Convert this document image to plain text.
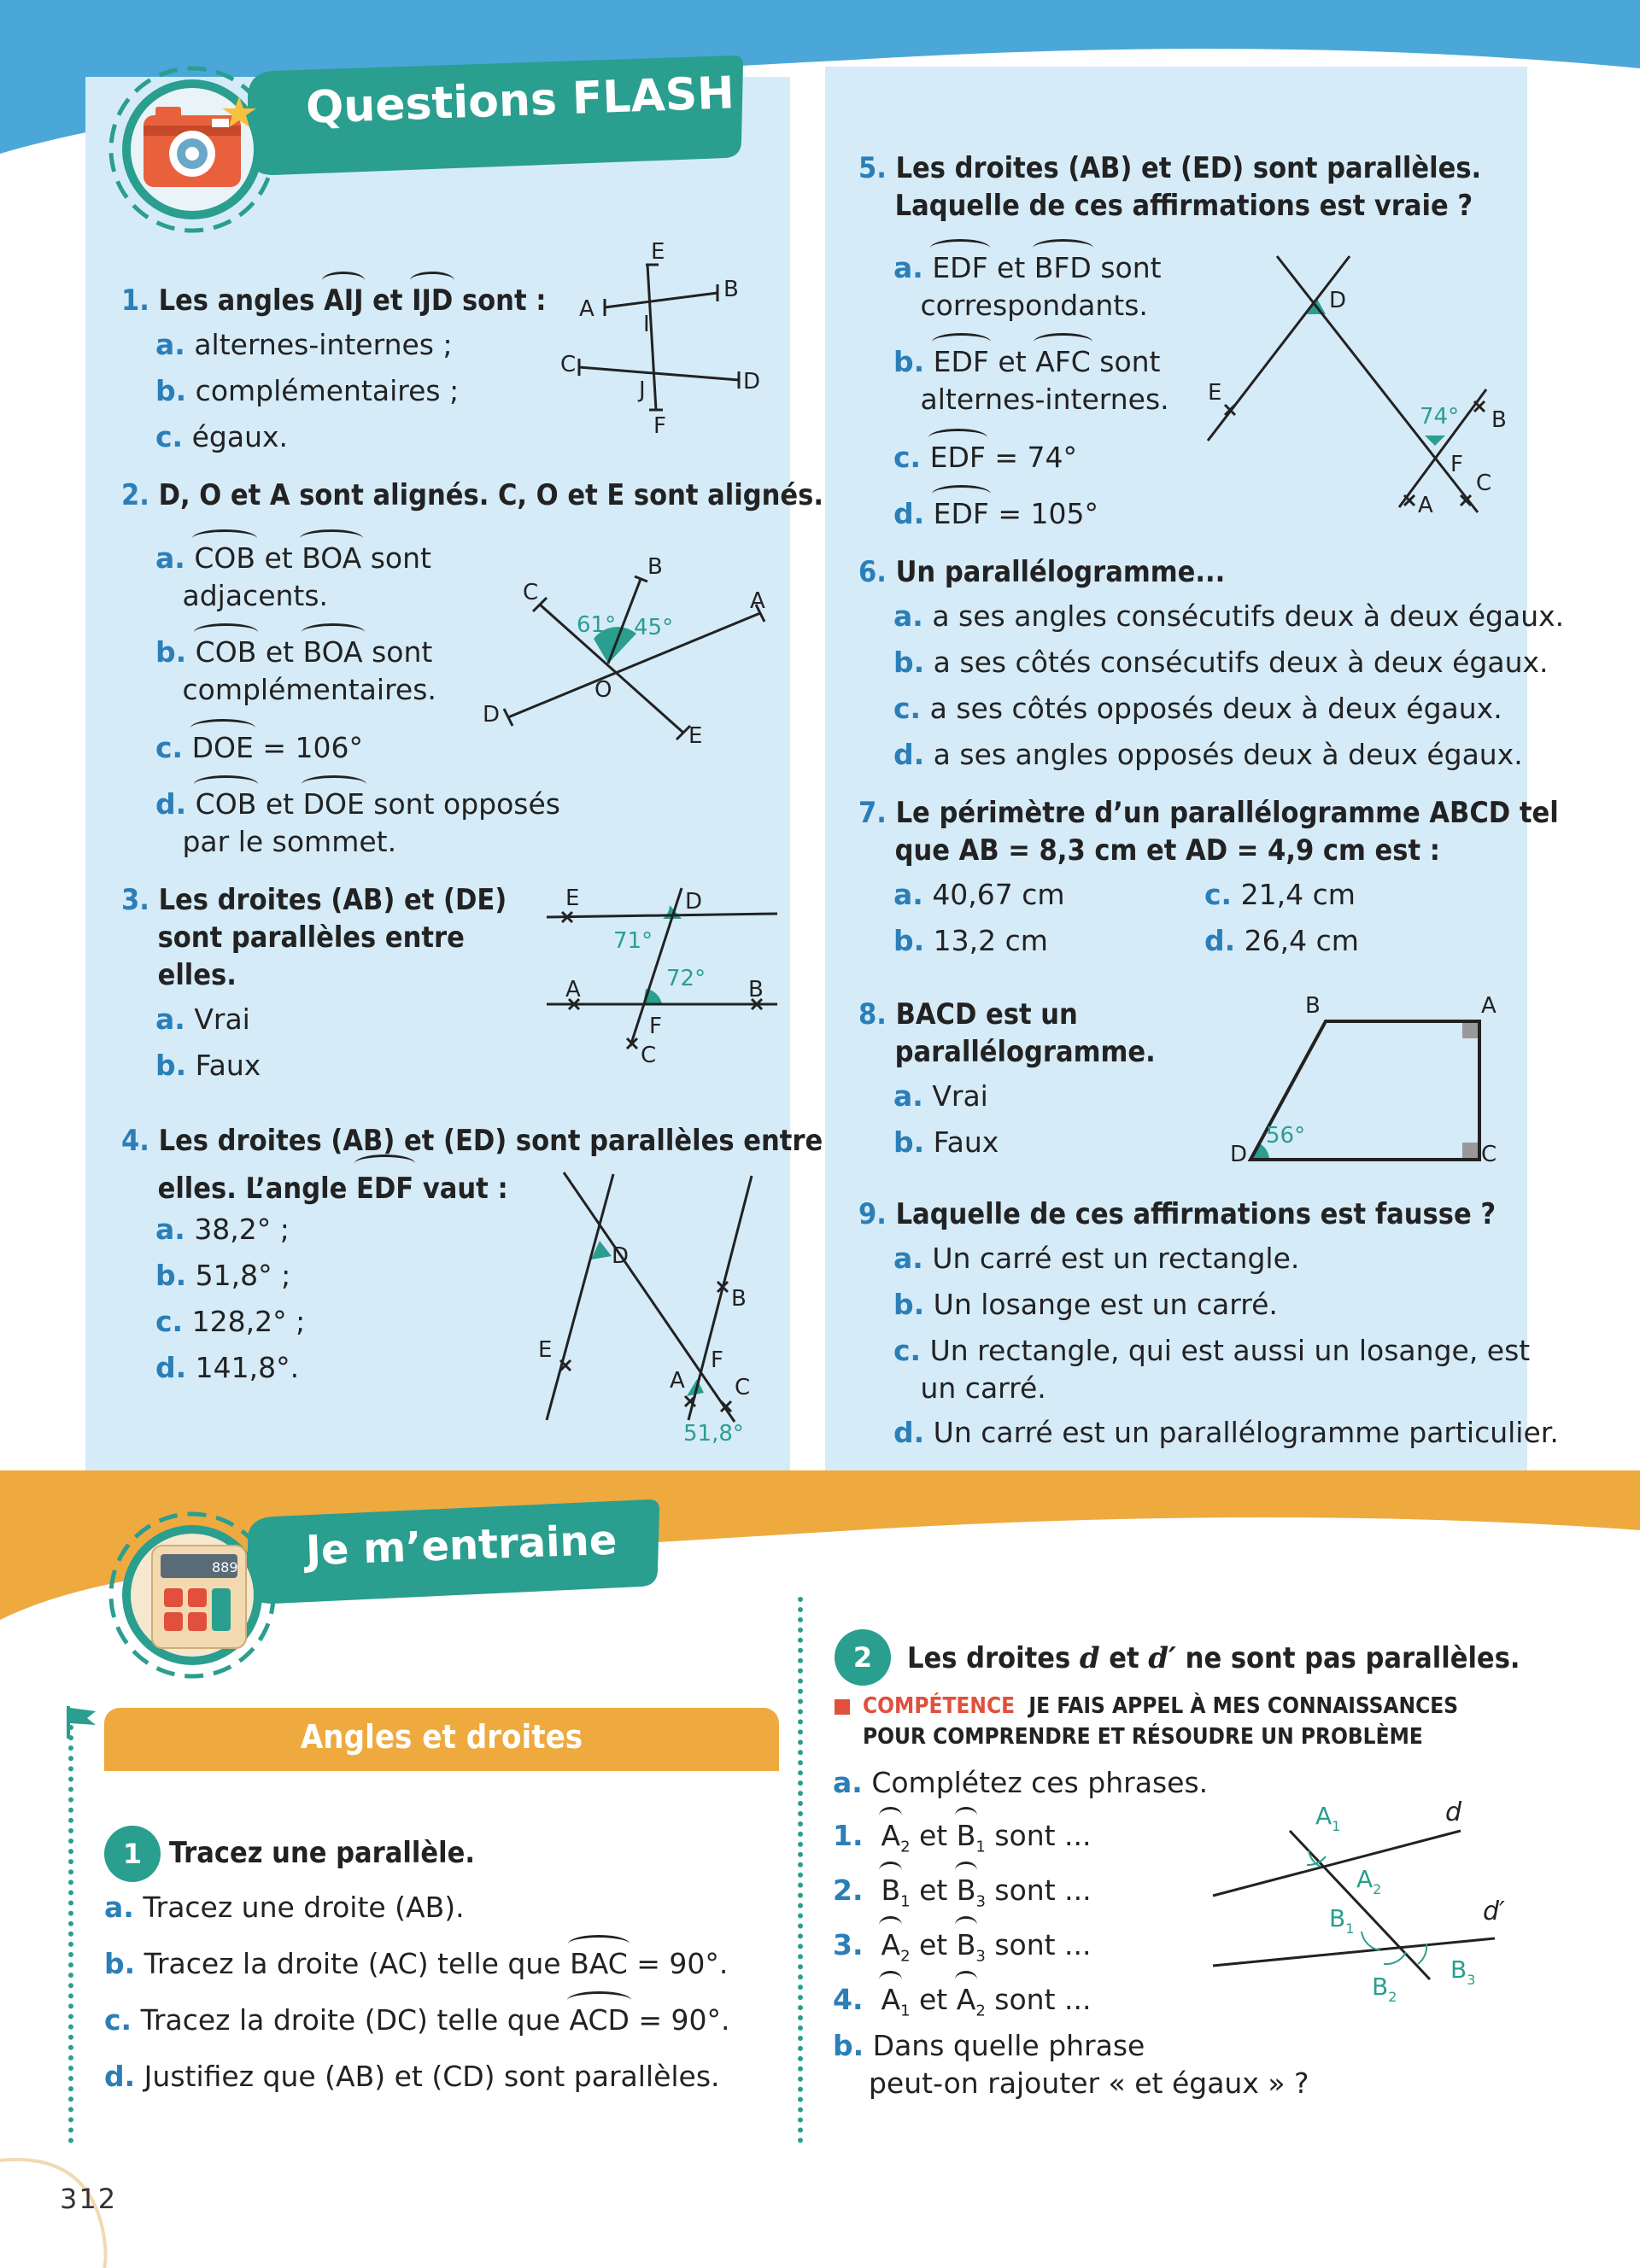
Questions FLASH
1. Les angles AIJ et IJD sont :
a. alternes-internes ;
b. complémentaires ;
c. égaux.
E
B
A
I
C
J	D
F
2. D, O et A sont alignés. C, O et E sont alignés.
a. COB et BOA sont
adjacents.
b. COB et BOA sont
complémentaires.
c. DOE = 106°
d. COB et DOE sont opposés
par le sommet.
B
C	A
O
D
E
61° 45°
3. Les droites (AB) et (DE)
sont parallèles entre
elles.
a. Vrai
b. Faux
E	D
A	B
F
C
71°
72°
4. Les droites (AB) et (ED) sont parallèles entre
elles. L’angle EDF vaut :
a. 38,2° ;
b. 51,8° ;
c. 128,2° ;
d. 141,8°.
D
B
E	F
A C
51,8°
5. Les droites (AB) et (ED) sont parallèles.
Laquelle de ces affirmations est vraie ?
a. EDF et BFD sont
correspondants.
b. EDF et AFC sont
alternes-internes.
c. EDF = 74°
d. EDF = 105°
D
E
B
F
C
A
74°
6. Un parallélogramme...
a. a ses angles consécutifs deux à deux égaux.
b. a ses côtés consécutifs deux à deux égaux.
c. a ses côtés opposés deux à deux égaux.
d. a ses angles opposés deux à deux égaux.
7. Le périmètre d’un parallélogramme ABCD tel
que AB = 8,3 cm et AD = 4,9 cm est :
a. 40,67 cm
b. 13,2 cm
c. 21,4 cm
d. 26,4 cm
8. BACD est un
parallélogramme.
a. Vrai
b. Faux
B	A
D	C
56°
9. Laquelle de ces affirmations est fausse ?
a. Un carré est un rectangle.
b. Un losange est un carré.
c. Un rectangle, qui est aussi un losange, est
un carré.
d. Un carré est un parallélogramme particulier.
889 Je m’entraine
Angles et droites
1 Tracez une parallèle.
a. Tracez une droite (AB).
b. Tracez la droite (AC) telle que BAC = 90°.
c. Tracez la droite (DC) telle que ACD = 90°.
d. Justifiez que (AB) et (CD) sont parallèles.
2 Les droites d et d′ ne sont pas parallèles.
COMPÉTENCE JE FAIS APPEL À MES CONNAISSANCES
POUR COMPRENDRE ET RÉSOUDRE UN PROBLÈME
a. Complétez ces phrases.
1. $A_2$ et $B_1$ sont ...
2. $B_1$ et $B_3$ sont ...
3. $A_2$ et $B_3$ sont ...
4. $A_1$ et $A_2$ sont ...
b. Dans quelle phrase
peut-on rajouter « et égaux » ?
$A_1$
$A_2$
$B_1$
$B_2$
$B_3$
d
d′
312
